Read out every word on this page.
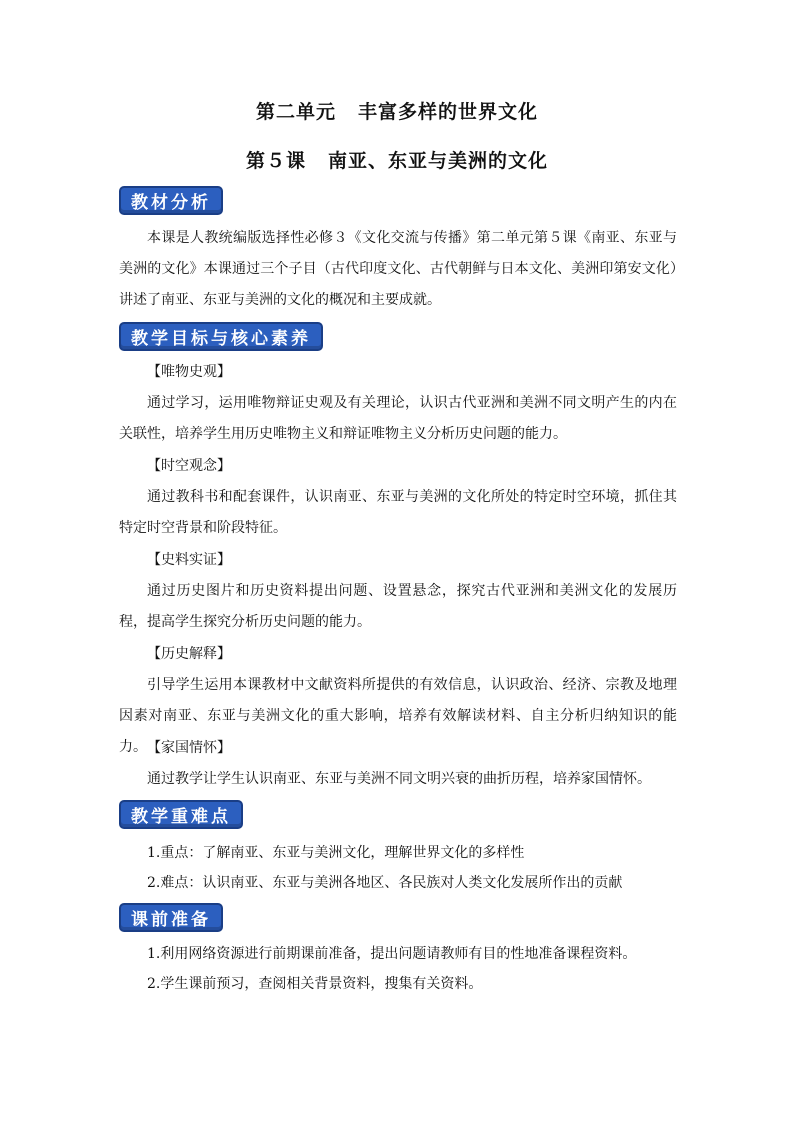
第二单元 丰富多样的世界文化
第５课 南亚、东亚与美洲的文化
教材分析
本课是人教统编版选择性必修３《文化交流与传播》第二单元第５课《南亚、东亚与美洲的文化》本课通过三个子目（古代印度文化、古代朝鲜与日本文化、美洲印第安文化）讲述了南亚、东亚与美洲的文化的概况和主要成就。
教学目标与核心素养
【唯物史观】
通过学习，运用唯物辩证史观及有关理论，认识古代亚洲和美洲不同文明产生的内在关联性，培养学生用历史唯物主义和辩证唯物主义分析历史问题的能力。
【时空观念】
通过教科书和配套课件，认识南亚、东亚与美洲的文化所处的特定时空环境，抓住其特定时空背景和阶段特征。
【史料实证】
通过历史图片和历史资料提出问题、设置悬念，探究古代亚洲和美洲文化的发展历程，提高学生探究分析历史问题的能力。
【历史解释】
引导学生运用本课教材中文献资料所提供的有效信息，认识政治、经济、宗教及地理因素对南亚、东亚与美洲文化的重大影响，培养有效解读材料、自主分析归纳知识的能力。 【家国情怀】
通过教学让学生认识南亚、东亚与美洲不同文明兴衰的曲折历程，培养家国情怀。
教学重难点
1.重点：了解南亚、东亚与美洲文化，理解世界文化的多样性
2.难点：认识南亚、东亚与美洲各地区、各民族对人类文化发展所作出的贡献
课前准备
1.利用网络资源进行前期课前准备，提出问题请教师有目的性地准备课程资料。
2.学生课前预习，查阅相关背景资料，搜集有关资料。
